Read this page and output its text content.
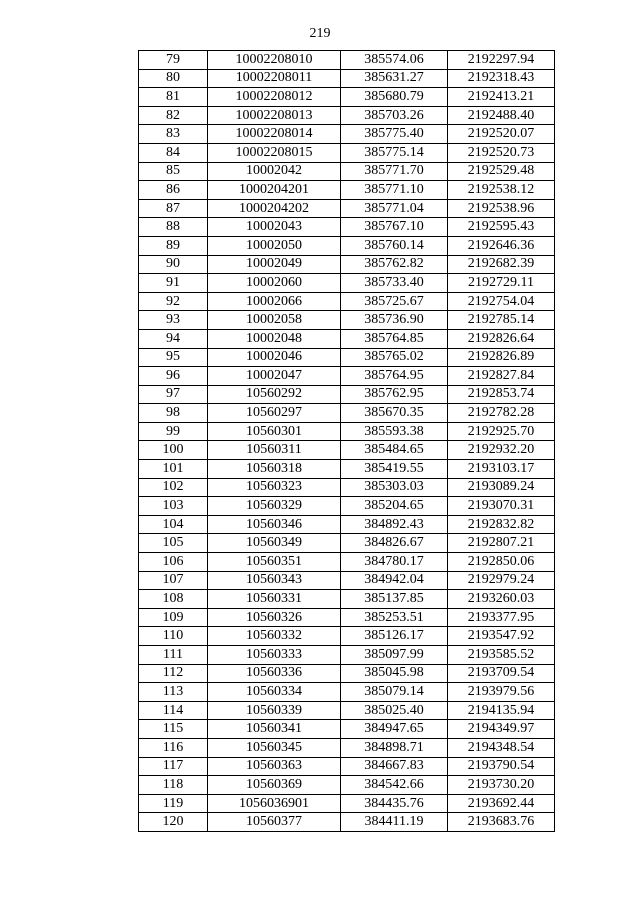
219
79	10002208010	385574.06	2192297.94
80	10002208011	385631.27	2192318.43
81	10002208012	385680.79	2192413.21
82	10002208013	385703.26	2192488.40
83	10002208014	385775.40	2192520.07
84	10002208015	385775.14	2192520.73
85	10002042	385771.70	2192529.48
86	1000204201	385771.10	2192538.12
87	1000204202	385771.04	2192538.96
88	10002043	385767.10	2192595.43
89	10002050	385760.14	2192646.36
90	10002049	385762.82	2192682.39
91	10002060	385733.40	2192729.11
92	10002066	385725.67	2192754.04
93	10002058	385736.90	2192785.14
94	10002048	385764.85	2192826.64
95	10002046	385765.02	2192826.89
96	10002047	385764.95	2192827.84
97	10560292	385762.95	2192853.74
98	10560297	385670.35	2192782.28
99	10560301	385593.38	2192925.70
100	10560311	385484.65	2192932.20
101	10560318	385419.55	2193103.17
102	10560323	385303.03	2193089.24
103	10560329	385204.65	2193070.31
104	10560346	384892.43	2192832.82
105	10560349	384826.67	2192807.21
106	10560351	384780.17	2192850.06
107	10560343	384942.04	2192979.24
108	10560331	385137.85	2193260.03
109	10560326	385253.51	2193377.95
110	10560332	385126.17	2193547.92
111	10560333	385097.99	2193585.52
112	10560336	385045.98	2193709.54
113	10560334	385079.14	2193979.56
114	10560339	385025.40	2194135.94
115	10560341	384947.65	2194349.97
116	10560345	384898.71	2194348.54
117	10560363	384667.83	2193790.54
118	10560369	384542.66	2193730.20
119	1056036901	384435.76	2193692.44
120	10560377	384411.19	2193683.76
